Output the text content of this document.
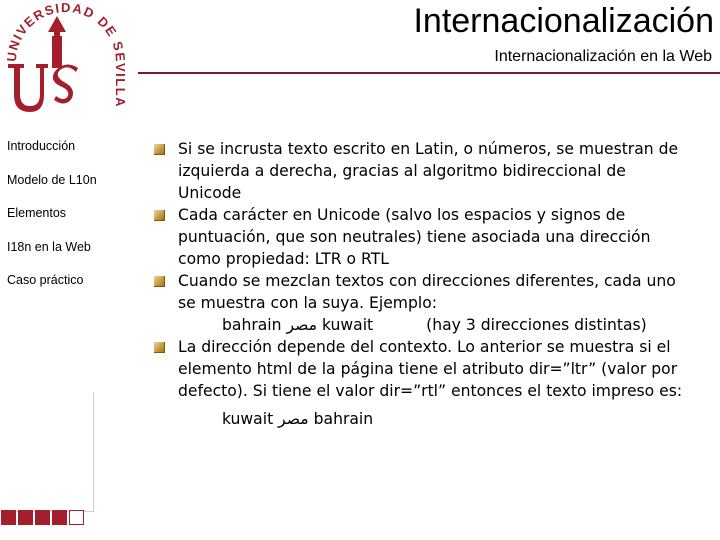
UNIVERSIDAD DE SEVILLA
Internacionalización
Internacionalización en la Web
Introducción
Modelo de L10n
Elementos
I18n en la Web
Caso práctico
Si se incrusta texto escrito en Latin, o números, se muestran de izquierda a derecha, gracias al algoritmo bidireccional de Unicode
Cada carácter en Unicode (salvo los espacios y signos de puntuación, que son neutrales) tiene asociada una dirección como propiedad: LTR o RTL
Cuando se mezclan textos con direcciones diferentes, cada uno se muestra con la suya. Ejemplo:
bahrain مصر kuwait	(hay 3 direcciones distintas)
La dirección depende del contexto. Lo anterior se muestra si el elemento html de la página tiene el atributo dir=”ltr” (valor por defecto). Si tiene el valor dir=”rtl” entonces el texto impreso es:
kuwait مصر bahrain
